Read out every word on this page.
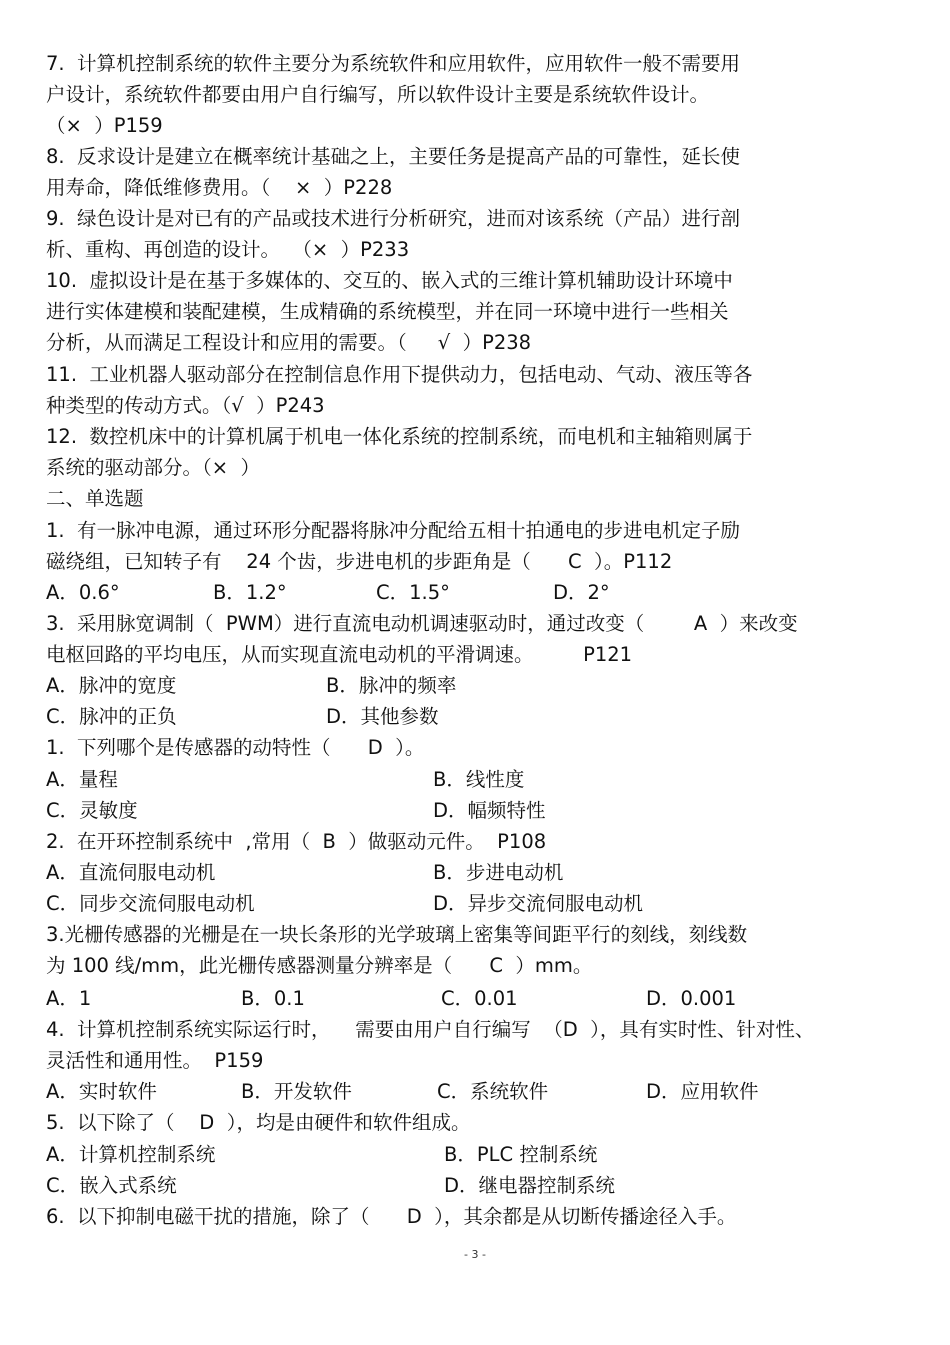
7.  计算机控制系统的软件主要分为系统软件和应用软件，应用软件一般不需要用
户设计，系统软件都要由用户自行编写，所以软件设计主要是系统软件设计。
（×  ）P159
8.  反求设计是建立在概率统计基础之上，主要任务是提高产品的可靠性，延长使
用寿命，降低维修费用。（    ×  ）P228
9.  绿色设计是对已有的产品或技术进行分析研究，进而对该系统（产品）进行剖
析、重构、再创造的设计。  （×  ）P233
10.  虚拟设计是在基于多媒体的、交互的、嵌入式的三维计算机辅助设计环境中
进行实体建模和装配建模，生成精确的系统模型，并在同一环境中进行一些相关
分析，从而满足工程设计和应用的需要。（     √  ）P238
11.  工业机器人驱动部分在控制信息作用下提供动力，包括电动、气动、液压等各
种类型的传动方式。（√  ）P243
12.  数控机床中的计算机属于机电一体化系统的控制系统，而电机和主轴箱则属于
系统的驱动部分。（×  ）
二、单选题
1.  有一脉冲电源，通过环形分配器将脉冲分配给五相十拍通电的步进电机定子励
磁绕组，已知转子有    24 个齿，步进电机的步距角是（      C  ）。P112
A．0.6°	B．1.2°	C．1.5°	D．2°
3.  采用脉宽调制（  PWM）进行直流电动机调速驱动时，通过改变（        A  ）来改变
电枢回路的平均电压，从而实现直流电动机的平滑调速。        P121
A．脉冲的宽度	B．脉冲的频率
C．脉冲的正负	D．其他参数
1.  下列哪个是传感器的动特性（      D  ）。
A．量程	B．线性度
C．灵敏度	D．幅频特性
2.  在开环控制系统中  ,常用（  B  ）做驱动元件。  P108
A．直流伺服电动机	B．步进电动机
C．同步交流伺服电动机	D．异步交流伺服电动机
3.光栅传感器的光栅是在一块长条形的光学玻璃上密集等间距平行的刻线，刻线数
为 100 线/mm，此光栅传感器测量分辨率是（      C  ）mm。
A．1	B．0.1	C．0.01	D．0.001
4.  计算机控制系统实际运行时，    需要由用户自行编写  （D  ），具有实时性、针对性、
灵活性和通用性。  P159
A．实时软件	B．开发软件	C．系统软件	D．应用软件
5.  以下除了（    D  ），均是由硬件和软件组成。
A．计算机控制系统	B．PLC 控制系统
C．嵌入式系统	D．继电器控制系统
6.  以下抑制电磁干扰的措施，除了（      D  ），其余都是从切断传播途径入手。
- 3 -
